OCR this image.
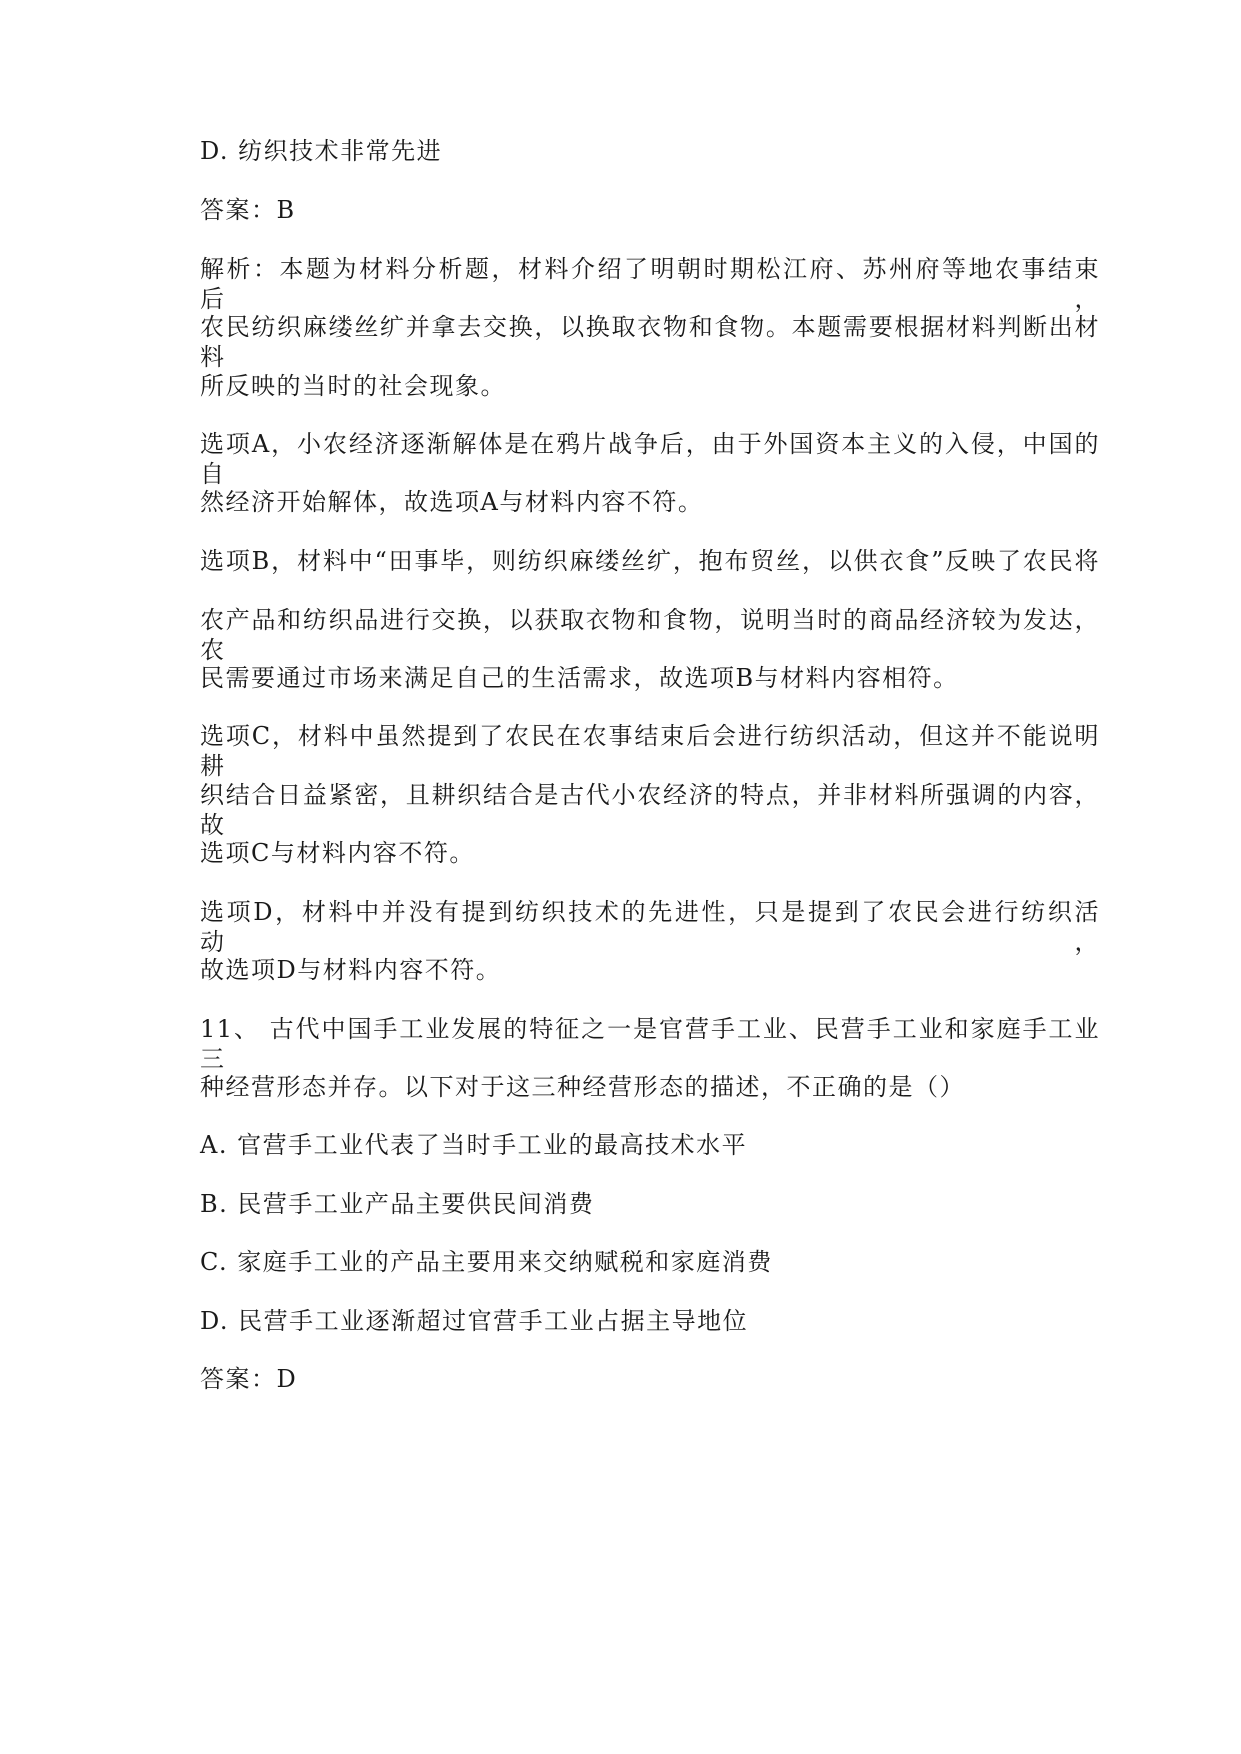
D. 纺织技术非常先进
答案：B
解析：本题为材料分析题，材料介绍了明朝时期松江府、苏州府等地农事结束后，
农民纺织麻缕丝纩并拿去交换，以换取衣物和食物。本题需要根据材料判断出材料
所反映的当时的社会现象。
选项A，小农经济逐渐解体是在鸦片战争后，由于外国资本主义的入侵，中国的自
然经济开始解体，故选项A与材料内容不符。
选项B，材料中“田事毕，则纺织麻缕丝纩，抱布贸丝，以供衣食”反映了农民将
农产品和纺织品进行交换，以获取衣物和食物，说明当时的商品经济较为发达，农
民需要通过市场来满足自己的生活需求，故选项B与材料内容相符。
选项C，材料中虽然提到了农民在农事结束后会进行纺织活动，但这并不能说明耕
织结合日益紧密，且耕织结合是古代小农经济的特点，并非材料所强调的内容，故
选项C与材料内容不符。
选项D，材料中并没有提到纺织技术的先进性，只是提到了农民会进行纺织活动，
故选项D与材料内容不符。
11、 古代中国手工业发展的特征之一是官营手工业、民营手工业和家庭手工业三
种经营形态并存。以下对于这三种经营形态的描述，不正确的是（）
A. 官营手工业代表了当时手工业的最高技术水平
B. 民营手工业产品主要供民间消费
C. 家庭手工业的产品主要用来交纳赋税和家庭消费
D. 民营手工业逐渐超过官营手工业占据主导地位
答案：D
